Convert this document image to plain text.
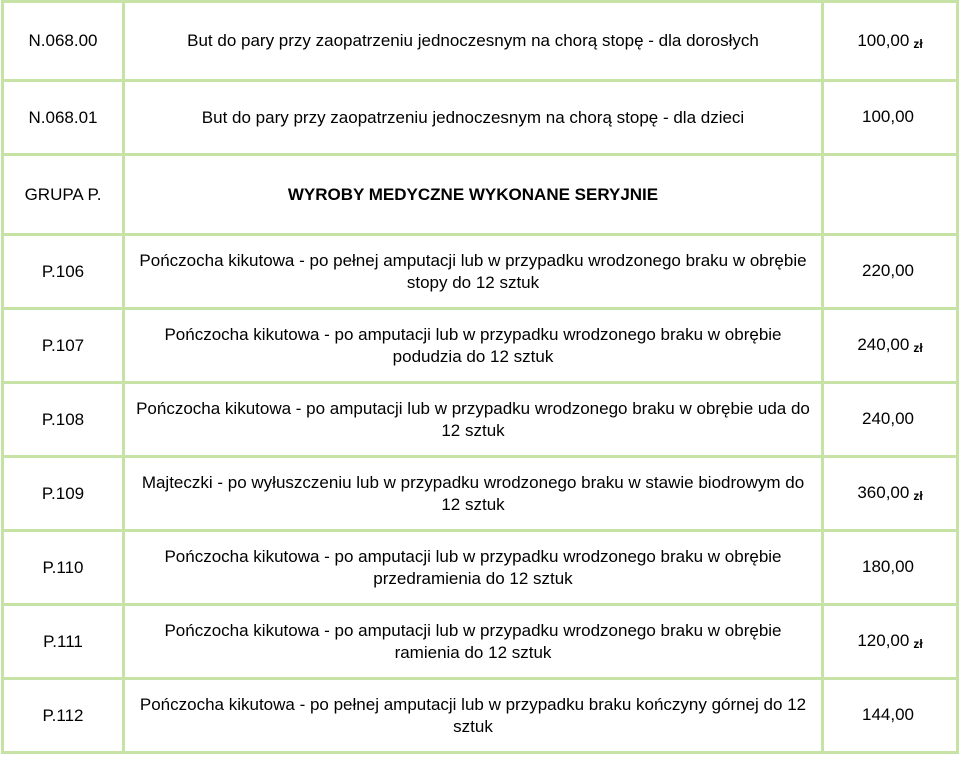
N.068.00	But do pary przy zaopatrzeniu jednoczesnym na chorą stopę - dla dorosłych	100,00 zł
N.068.01	But do pary przy zaopatrzeniu jednoczesnym na chorą stopę - dla dzieci	100,00
GRUPA P.	WYROBY MEDYCZNE WYKONANE SERYJNIE	
P.106	Pończocha kikutowa - po pełnej amputacji lub w przypadku wrodzonego braku w obrębie stopy do 12 sztuk	220,00
P.107	Pończocha kikutowa - po amputacji lub w przypadku wrodzonego braku w obrębie podudzia do 12 sztuk	240,00 zł
P.108	Pończocha kikutowa - po amputacji lub w przypadku wrodzonego braku w obrębie uda do 12 sztuk	240,00
P.109	Majteczki - po wyłuszczeniu lub w przypadku wrodzonego braku w stawie biodrowym do 12 sztuk	360,00 zł
P.110	Pończocha kikutowa - po amputacji lub w przypadku wrodzonego braku w obrębie przedramienia do 12 sztuk	180,00
P.111	Pończocha kikutowa - po amputacji lub w przypadku wrodzonego braku w obrębie ramienia do 12 sztuk	120,00 zł
P.112	Pończocha kikutowa - po pełnej amputacji lub w przypadku braku kończyny górnej do 12 sztuk	144,00
